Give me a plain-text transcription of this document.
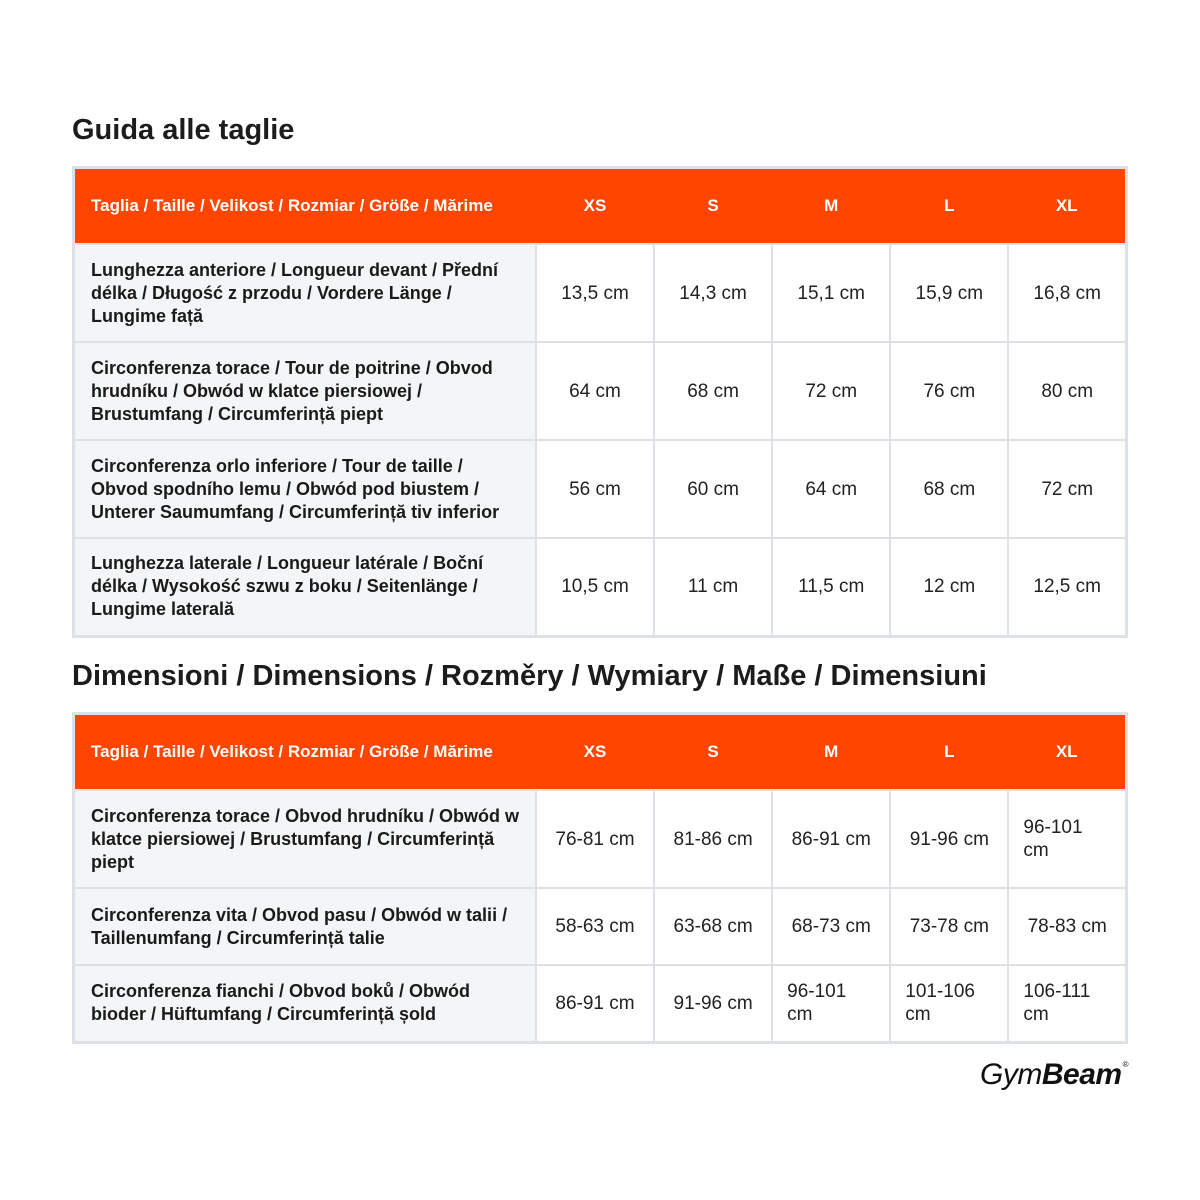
Guida alle taglie
Taglia / Taille / Velikost / Rozmiar / Größe / Mărime	XS	S	M	L	XL
Lunghezza anteriore / Longueur devant / Přední délka / Długość z przodu / Vordere Länge / Lungime față	13,5 cm	14,3 cm	15,1 cm	15,9 cm	16,8 cm
Circonferenza torace / Tour de poitrine / Obvod hrudníku / Obwód w klatce piersiowej / Brustumfang / Circumferință piept	64 cm	68 cm	72 cm	76 cm	80 cm
Circonferenza orlo inferiore / Tour de taille / Obvod spodního lemu / Obwód pod biustem / Unterer Saumumfang / Circumferință tiv inferior	56 cm	60 cm	64 cm	68 cm	72 cm
Lunghezza laterale / Longueur latérale / Boční délka / Wysokość szwu z boku / Seitenlänge / Lungime laterală	10,5 cm	11 cm	11,5 cm	12 cm	12,5 cm
Dimensioni / Dimensions / Rozměry / Wymiary / Maße / Dimensiuni
Taglia / Taille / Velikost / Rozmiar / Größe / Mărime	XS	S	M	L	XL
Circonferenza torace / Obvod hrudníku / Obwód w klatce piersiowej / Brustumfang / Circumferință piept	76-81 cm	81-86 cm	86-91 cm	91-96 cm	96-101 cm
Circonferenza vita / Obvod pasu / Obwód w talii / Taillenumfang / Circumferință talie	58-63 cm	63-68 cm	68-73 cm	73-78 cm	78-83 cm
Circonferenza fianchi / Obvod boků / Obwód bioder / Hüftumfang / Circumferință șold	86-91 cm	91-96 cm	96-101 cm	101-106 cm	106-111 cm
GymBeam®
